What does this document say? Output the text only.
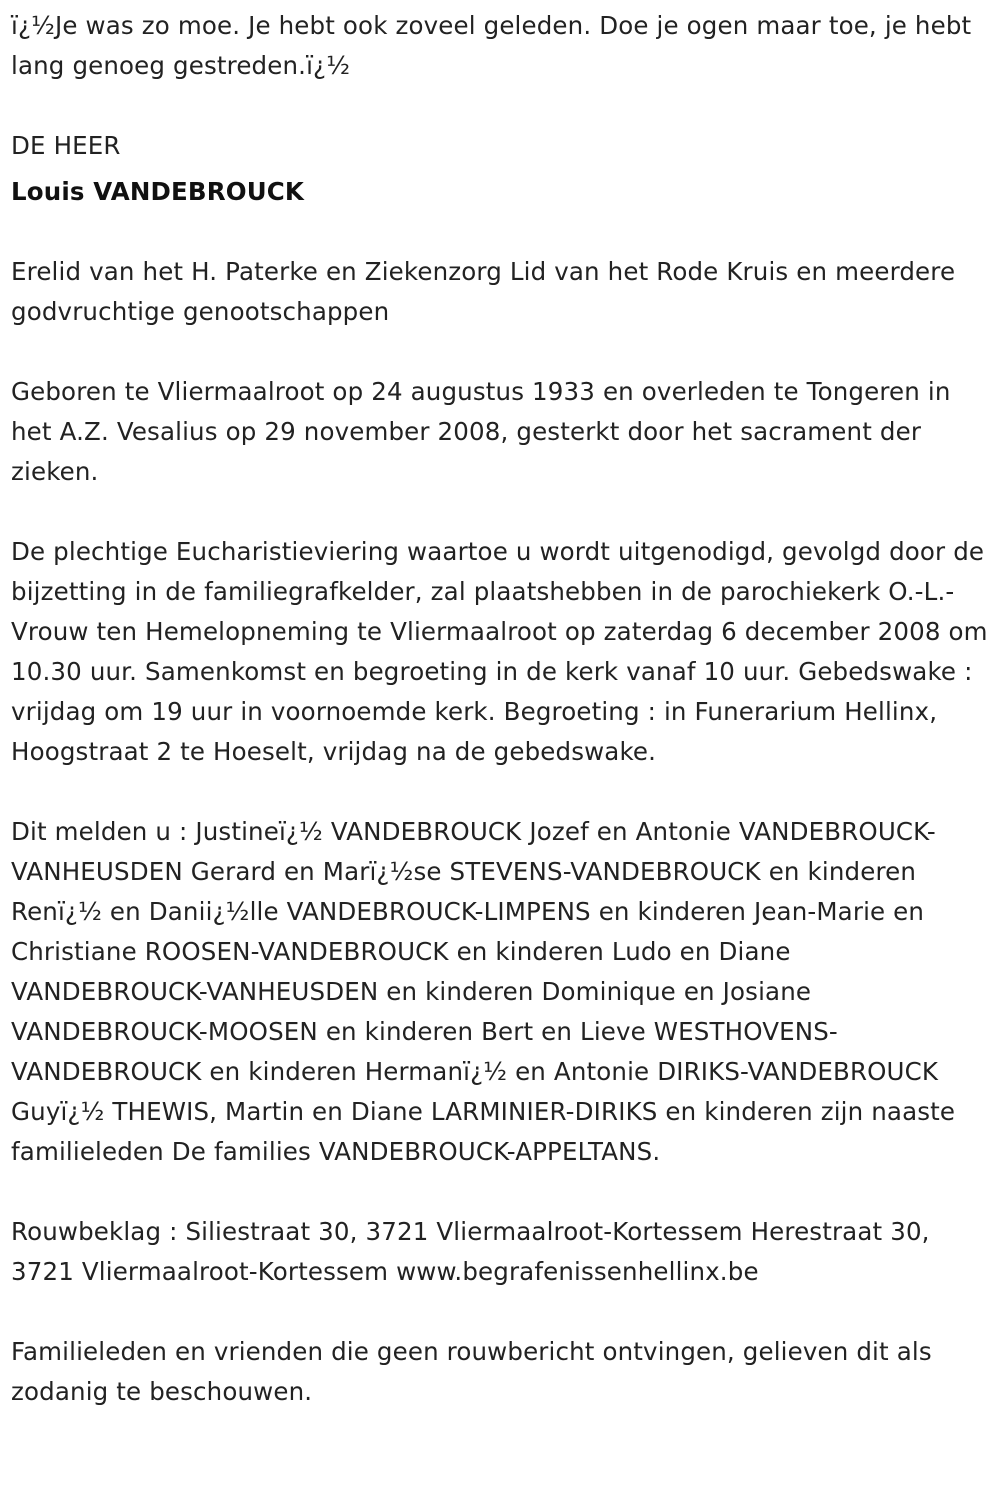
ï¿½Je was zo moe. Je hebt ook zoveel geleden. Doe je ogen maar toe, je hebt lang genoeg gestreden.ï¿½

DE HEER

Louis VANDEBROUCK

Erelid van het H. Paterke en Ziekenzorg Lid van het Rode Kruis en meerdere godvruchtige genootschappen

Geboren te Vliermaalroot op 24 augustus 1933 en overleden te Tongeren in het A.Z. Vesalius op 29 november 2008, gesterkt door het sacrament der zieken.

De plechtige Eucharistieviering waartoe u wordt uitgenodigd, gevolgd door de bijzetting in de familiegrafkelder, zal plaatshebben in de parochiekerk O.-L.-Vrouw ten Hemelopneming te Vliermaalroot op zaterdag 6 december 2008 om 10.30 uur. Samenkomst en begroeting in de kerk vanaf 10 uur. Gebedswake : vrijdag om 19 uur in voornoemde kerk. Begroeting : in Funerarium Hellinx, Hoogstraat 2 te Hoeselt, vrijdag na de gebedswake.

Dit melden u : Justineï¿½ VANDEBROUCK Jozef en Antonie VANDEBROUCK-VANHEUSDEN Gerard en Marï¿½se STEVENS-VANDEBROUCK en kinderen Renï¿½ en Danii¿½lle VANDEBROUCK-LIMPENS en kinderen Jean-Marie en Christiane ROOSEN-VANDEBROUCK en kinderen Ludo en Diane VANDEBROUCK-VANHEUSDEN en kinderen Dominique en Josiane VANDEBROUCK-MOOSEN en kinderen Bert en Lieve WESTHOVENS-VANDEBROUCK en kinderen Hermanï¿½ en Antonie DIRIKS-VANDEBROUCK Guyï¿½ THEWIS, Martin en Diane LARMINIER-DIRIKS en kinderen zijn naaste familieleden De families VANDEBROUCK-APPELTANS.

Rouwbeklag : Siliestraat 30, 3721 Vliermaalroot-Kortessem Herestraat 30, 3721 Vliermaalroot-Kortessem www.begrafenissenhellinx.be

Familieleden en vrienden die geen rouwbericht ontvingen, gelieven dit als zodanig te beschouwen.
